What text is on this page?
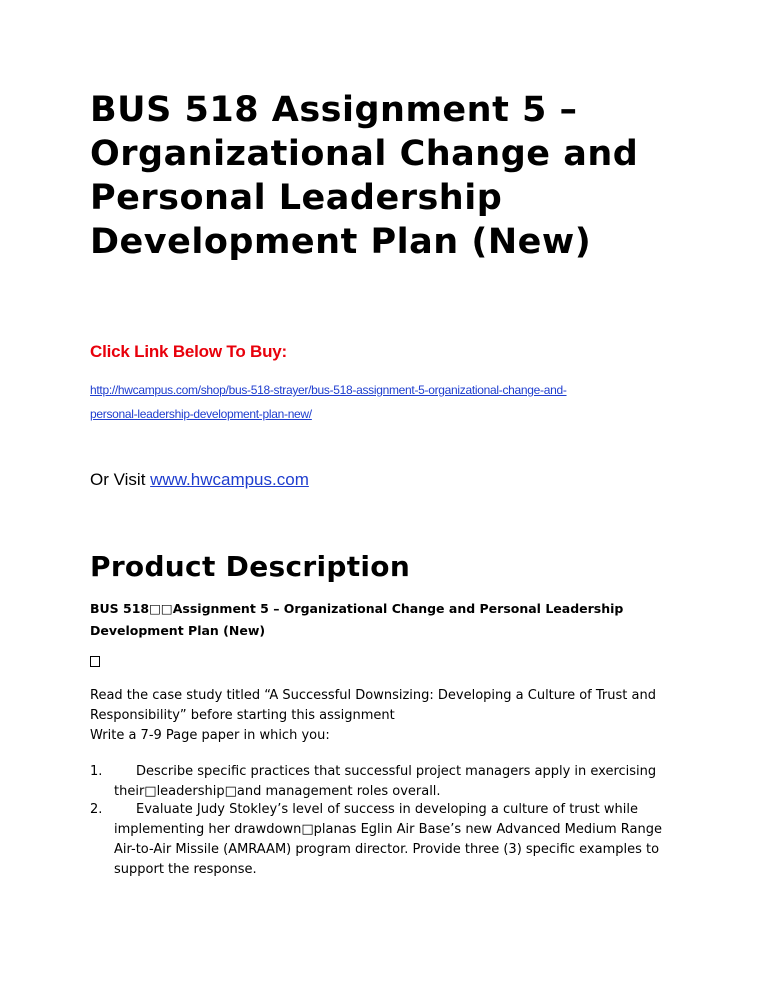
BUS 518 Assignment 5 – Organizational Change and Personal Leadership Development Plan (New)
Click Link Below To Buy:
http://hwcampus.com/shop/bus-518-strayer/bus-518-assignment-5-organizational-change-and-
personal-leadership-development-plan-new/
Or Visit www.hwcampus.com
Product Description
BUS 518□□Assignment 5 – Organizational Change and Personal Leadership
Development Plan (New)
Read the case study titled “A Successful Downsizing: Developing a Culture of Trust and
Responsibility” before starting this assignment
Write a 7-9 Page paper in which you:
1.	Describe specific practices that successful project managers apply in exercising
their□leadership□and management roles overall.
2.	Evaluate Judy Stokley’s level of success in developing a culture of trust while
implementing her drawdown□planas Eglin Air Base’s new Advanced Medium Range
Air-to-Air Missile (AMRAAM) program director. Provide three (3) specific examples to
support the response.
